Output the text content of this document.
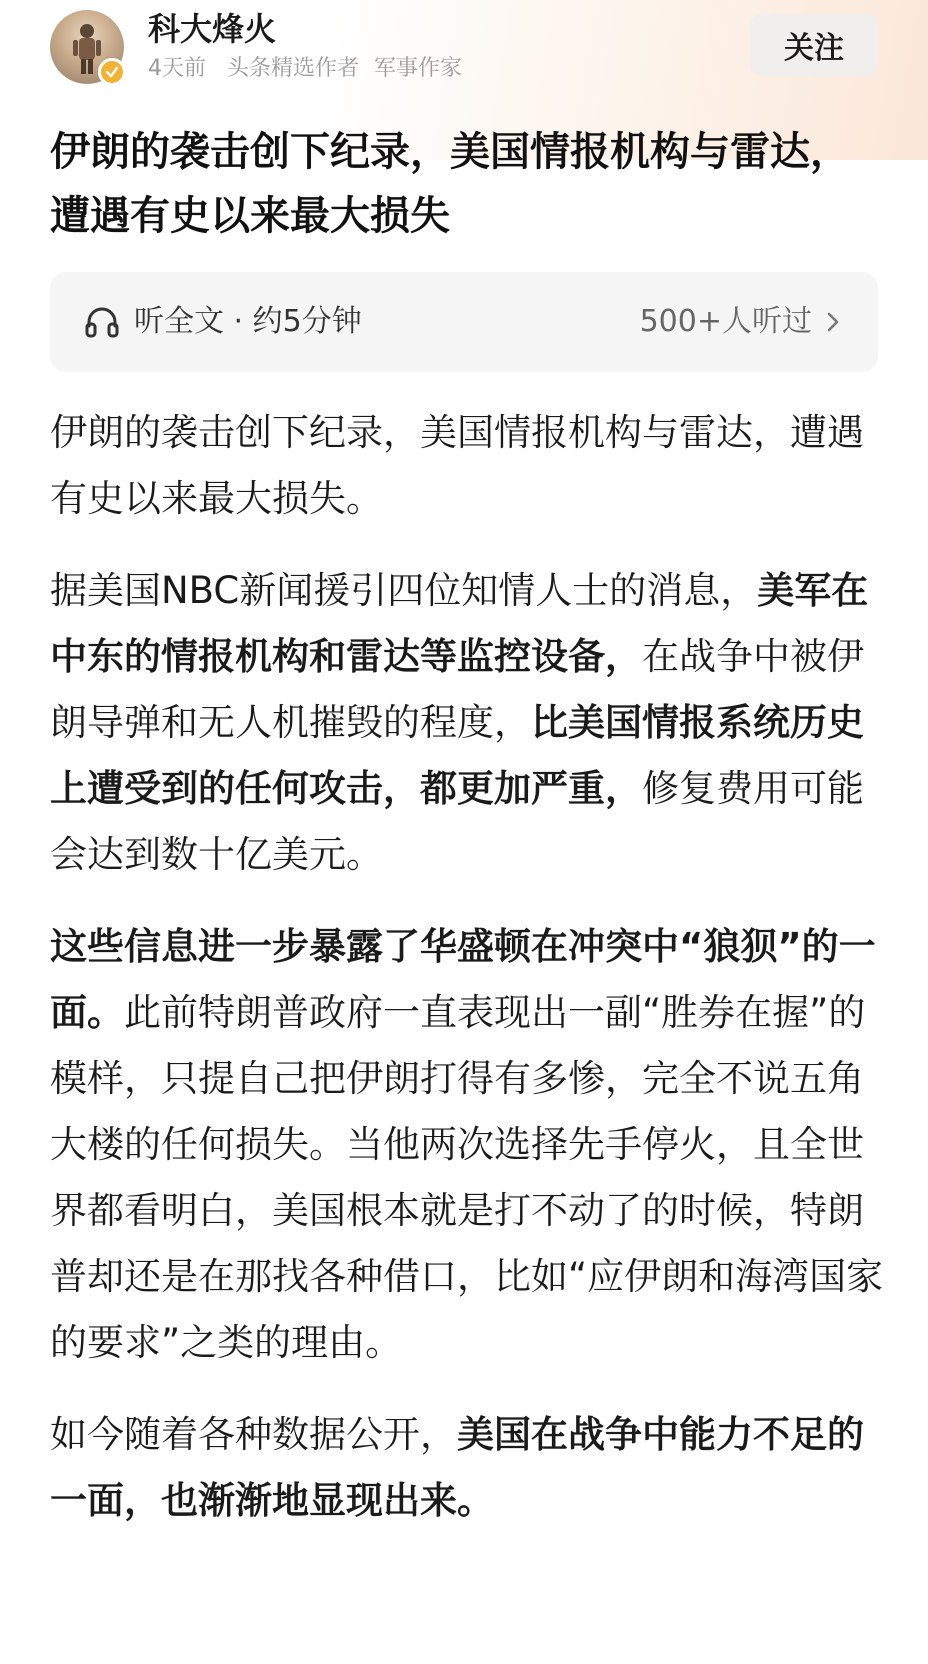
科大烽火
4天前 头条精选作者 军事作家
关注
伊朗的袭击创下纪录，美国情报机构与雷达，遭遇有史以来最大损失
听全文 · 约5分钟	500+人听过

伊朗的袭击创下纪录，美国情报机构与雷达，遭遇有史以来最大损失。

据美国NBC新闻援引四位知情人士的消息，美军在中东的情报机构和雷达等监控设备，在战争中被伊朗导弹和无人机摧毁的程度，比美国情报系统历史上遭受到的任何攻击，都更加严重，修复费用可能会达到数十亿美元。

这些信息进一步暴露了华盛顿在冲突中“狼狈”的一面。此前特朗普政府一直表现出一副“胜券在握”的模样，只提自己把伊朗打得有多惨，完全不说五角大楼的任何损失。当他两次选择先手停火，且全世界都看明白，美国根本就是打不动了的时候，特朗普却还是在那找各种借口，比如“应伊朗和海湾国家的要求”之类的理由。

如今随着各种数据公开，美国在战争中能力不足的一面，也渐渐地显现出来。
